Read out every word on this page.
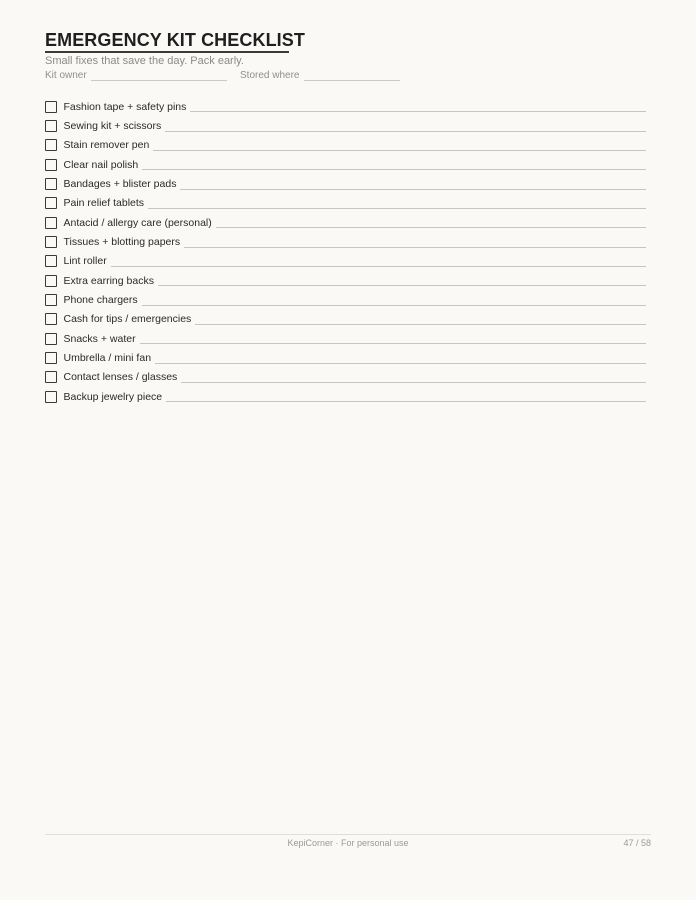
EMERGENCY KIT CHECKLIST
Small fixes that save the day. Pack early.
Kit owner	Stored where
Fashion tape + safety pins
Sewing kit + scissors
Stain remover pen
Clear nail polish
Bandages + blister pads
Pain relief tablets
Antacid / allergy care (personal)
Tissues + blotting papers
Lint roller
Extra earring backs
Phone chargers
Cash for tips / emergencies
Snacks + water
Umbrella / mini fan
Contact lenses / glasses
Backup jewelry piece
KepiCorner · For personal use	47 / 58
